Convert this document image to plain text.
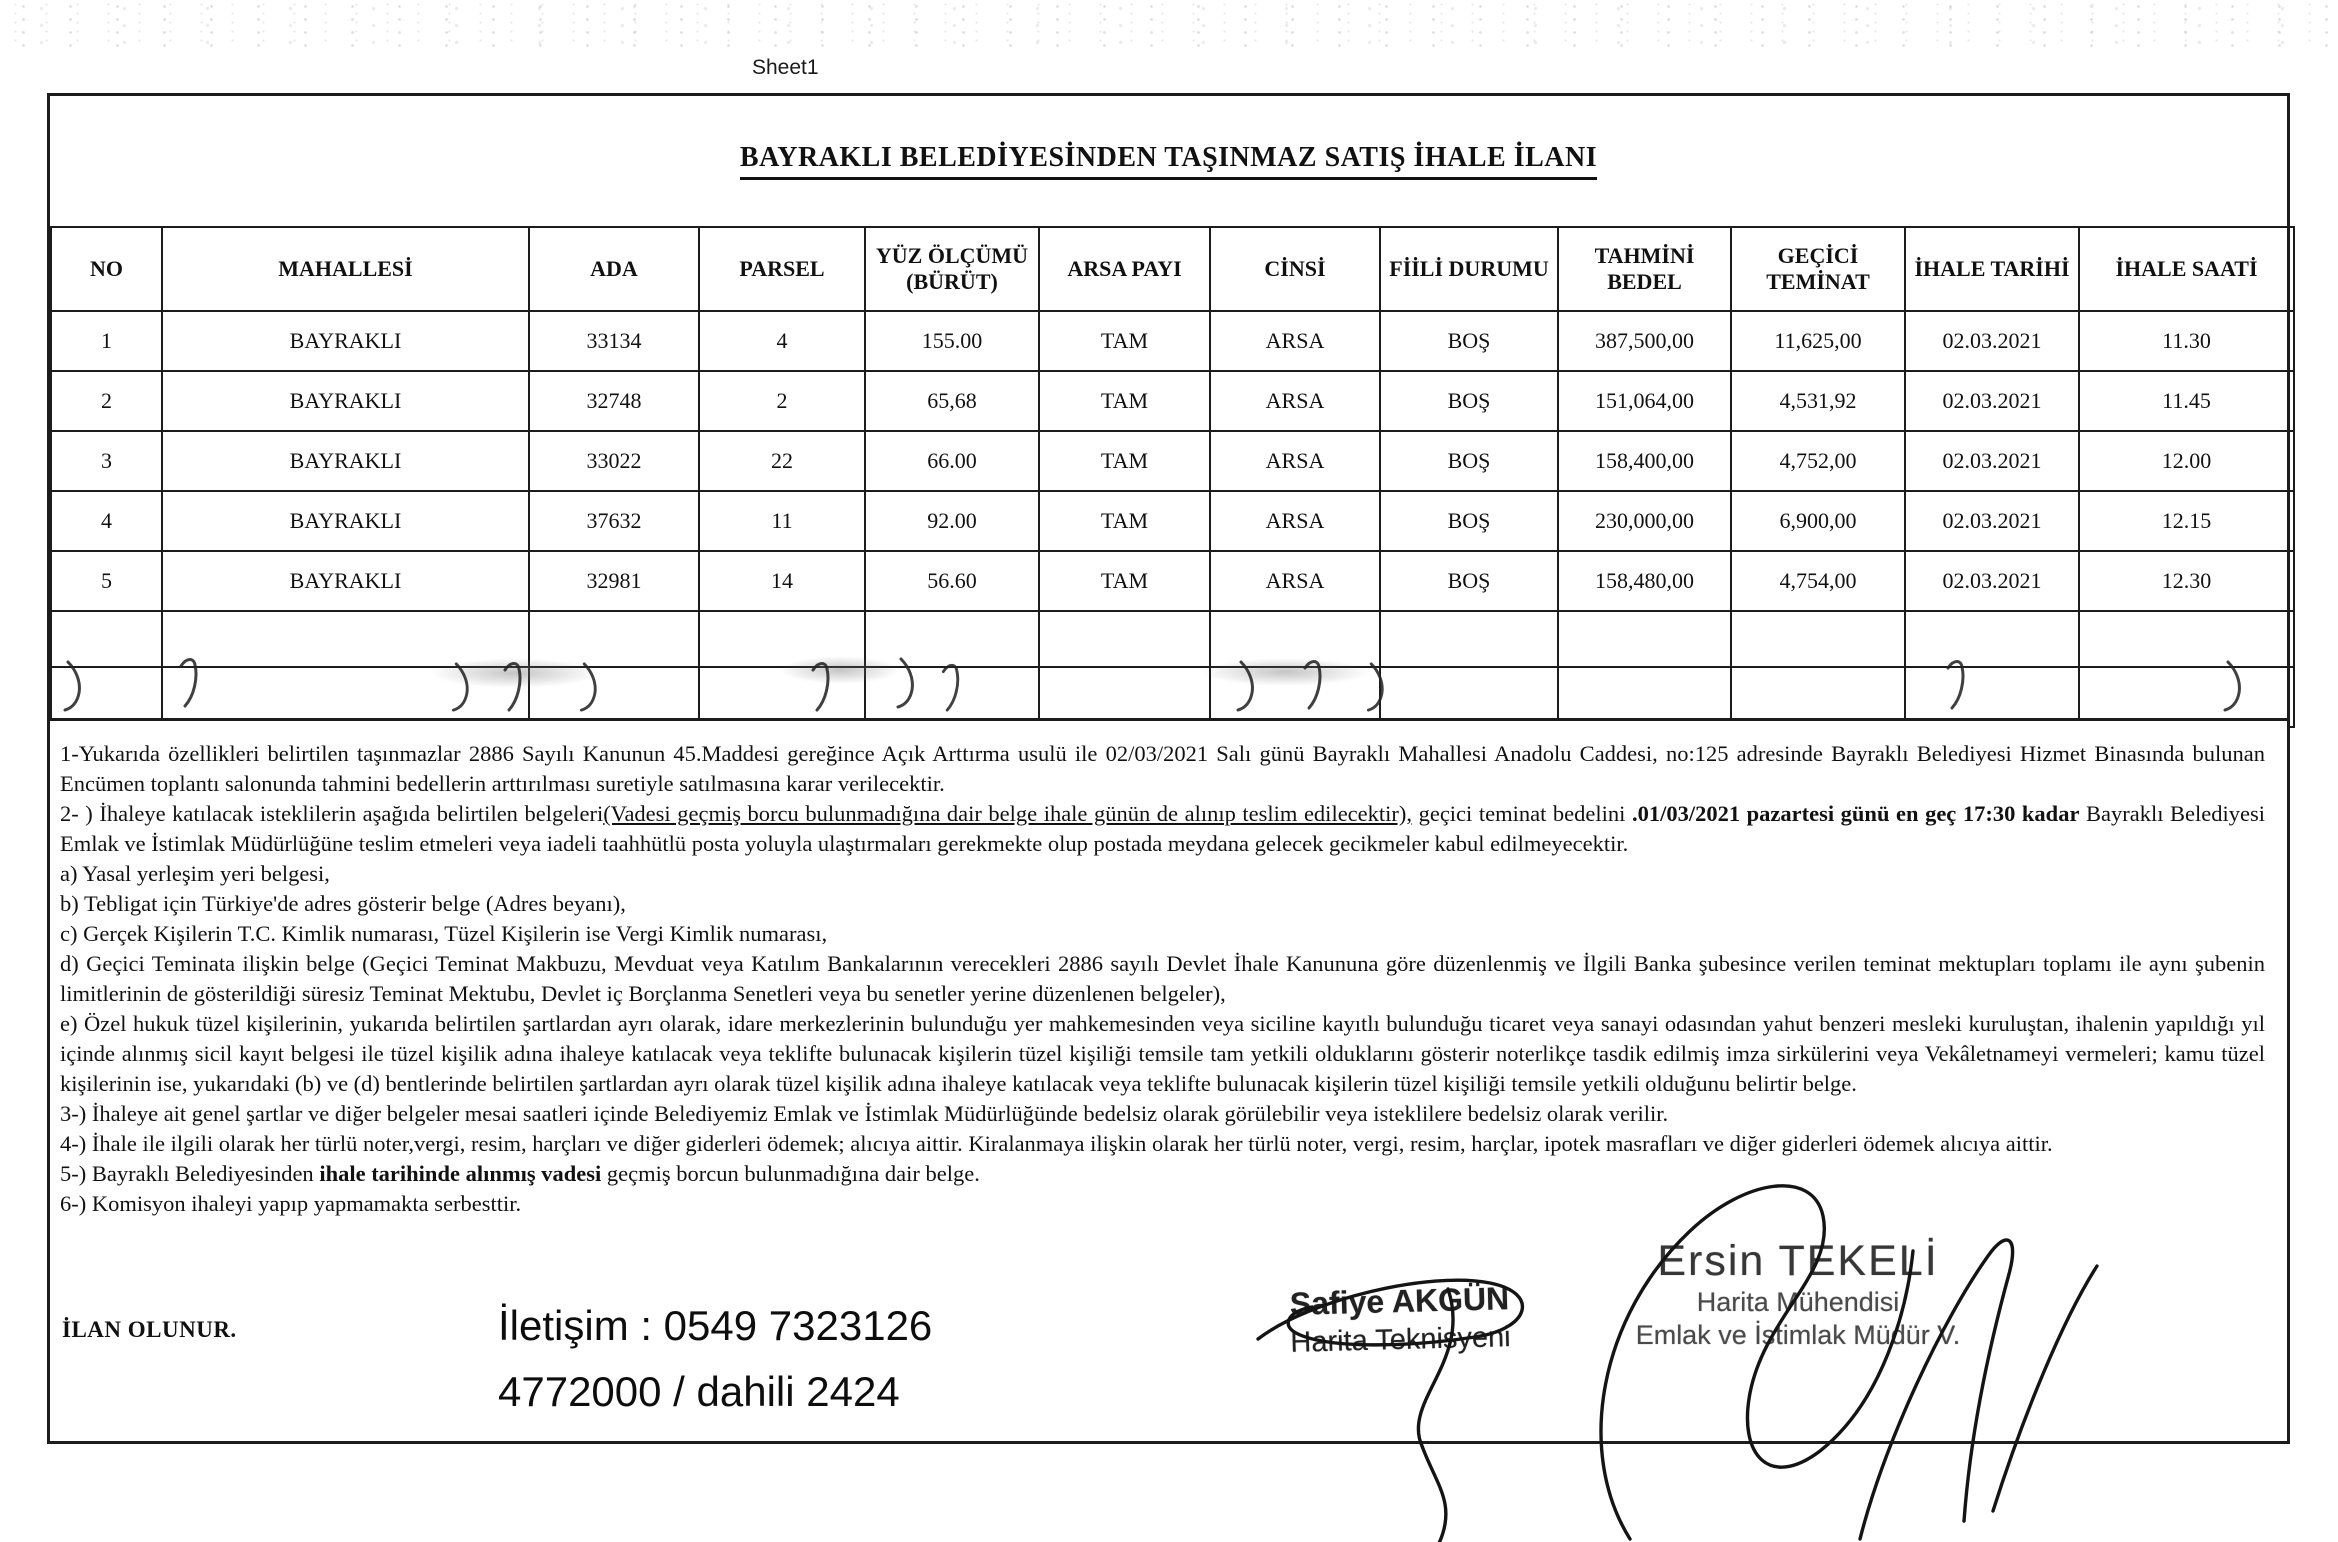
Sheet1
BAYRAKLI BELEDİYESİNDEN TAŞINMAZ SATIŞ İHALE İLANI
NO	MAHALLESİ	ADA	PARSEL	YÜZ ÖLÇÜMÜ (BÜRÜT)	ARSA PAYI	CİNSİ	FİİLİ DURUMU	TAHMİNİ BEDEL	GEÇİCİ TEMİNAT	İHALE TARİHİ	İHALE SAATİ
1	BAYRAKLI	33134	4	155.00	TAM	ARSA	BOŞ	387,500,00	11,625,00	02.03.2021	11.30
2	BAYRAKLI	32748	2	65,68	TAM	ARSA	BOŞ	151,064,00	4,531,92	02.03.2021	11.45
3	BAYRAKLI	33022	22	66.00	TAM	ARSA	BOŞ	158,400,00	4,752,00	02.03.2021	12.00
4	BAYRAKLI	37632	11	92.00	TAM	ARSA	BOŞ	230,000,00	6,900,00	02.03.2021	12.15
5	BAYRAKLI	32981	14	56.60	TAM	ARSA	BOŞ	158,480,00	4,754,00	02.03.2021	12.30

1-Yukarıda özellikleri belirtilen taşınmazlar 2886 Sayılı Kanunun 45.Maddesi gereğince Açık Arttırma usulü ile 02/03/2021 Salı günü Bayraklı Mahallesi Anadolu Caddesi, no:125 adresinde Bayraklı Belediyesi Hizmet Binasında bulunan Encümen toplantı salonunda tahmini bedellerin arttırılması suretiyle satılmasına karar verilecektir.
2- ) İhaleye katılacak isteklilerin aşağıda belirtilen belgeleri(Vadesi geçmiş borcu bulunmadığına dair belge ihale günün de alınıp teslim edilecektir), geçici teminat bedelini .01/03/2021 pazartesi günü en geç 17:30 kadar Bayraklı Belediyesi Emlak ve İstimlak Müdürlüğüne teslim etmeleri veya iadeli taahhütlü posta yoluyla ulaştırmaları gerekmekte olup postada meydana gelecek gecikmeler kabul edilmeyecektir.
a) Yasal yerleşim yeri belgesi,
b) Tebligat için Türkiye'de adres gösterir belge (Adres beyanı),
c) Gerçek Kişilerin T.C. Kimlik numarası, Tüzel Kişilerin ise Vergi Kimlik numarası,
d) Geçici Teminata ilişkin belge (Geçici Teminat Makbuzu, Mevduat veya Katılım Bankalarının verecekleri 2886 sayılı Devlet İhale Kanununa göre düzenlenmiş ve İlgili Banka şubesince verilen teminat mektupları toplamı ile aynı şubenin limitlerinin de gösterildiği süresiz Teminat Mektubu, Devlet iç Borçlanma Senetleri veya bu senetler yerine düzenlenen belgeler),
e) Özel hukuk tüzel kişilerinin, yukarıda belirtilen şartlardan ayrı olarak, idare merkezlerinin bulunduğu yer mahkemesinden veya siciline kayıtlı bulunduğu ticaret veya sanayi odasından yahut benzeri mesleki kuruluştan, ihalenin yapıldığı yıl içinde alınmış sicil kayıt belgesi ile tüzel kişilik adına ihaleye katılacak veya teklifte bulunacak kişilerin tüzel kişiliği temsile tam yetkili olduklarını gösterir noterlikçe tasdik edilmiş imza sirkülerini veya Vekâletnameyi vermeleri; kamu tüzel kişilerinin ise, yukarıdaki (b) ve (d) bentlerinde belirtilen şartlardan ayrı olarak tüzel kişilik adına ihaleye katılacak veya teklifte bulunacak kişilerin tüzel kişiliği temsile yetkili olduğunu belirtir belge.
3-) İhaleye ait genel şartlar ve diğer belgeler mesai saatleri içinde Belediyemiz Emlak ve İstimlak Müdürlüğünde bedelsiz olarak görülebilir veya isteklilere bedelsiz olarak verilir.
4-) İhale ile ilgili olarak her türlü noter,vergi, resim, harçları ve diğer giderleri ödemek; alıcıya aittir. Kiralanmaya ilişkin olarak her türlü noter, vergi, resim, harçlar, ipotek masrafları ve diğer giderleri ödemek alıcıya aittir.
5-) Bayraklı Belediyesinden ihale tarihinde alınmış vadesi geçmiş borcun bulunmadığına dair belge.
6-) Komisyon ihaleyi yapıp yapmamakta serbesttir.
İLAN OLUNUR.	İletişim : 0549 7323126
4772000 / dahili 2424
Safiye AKGÜN
Harita Teknisyeni
Ersin TEKELİ
Harita Mühendisi
Emlak ve İstimlak Müdür V.
